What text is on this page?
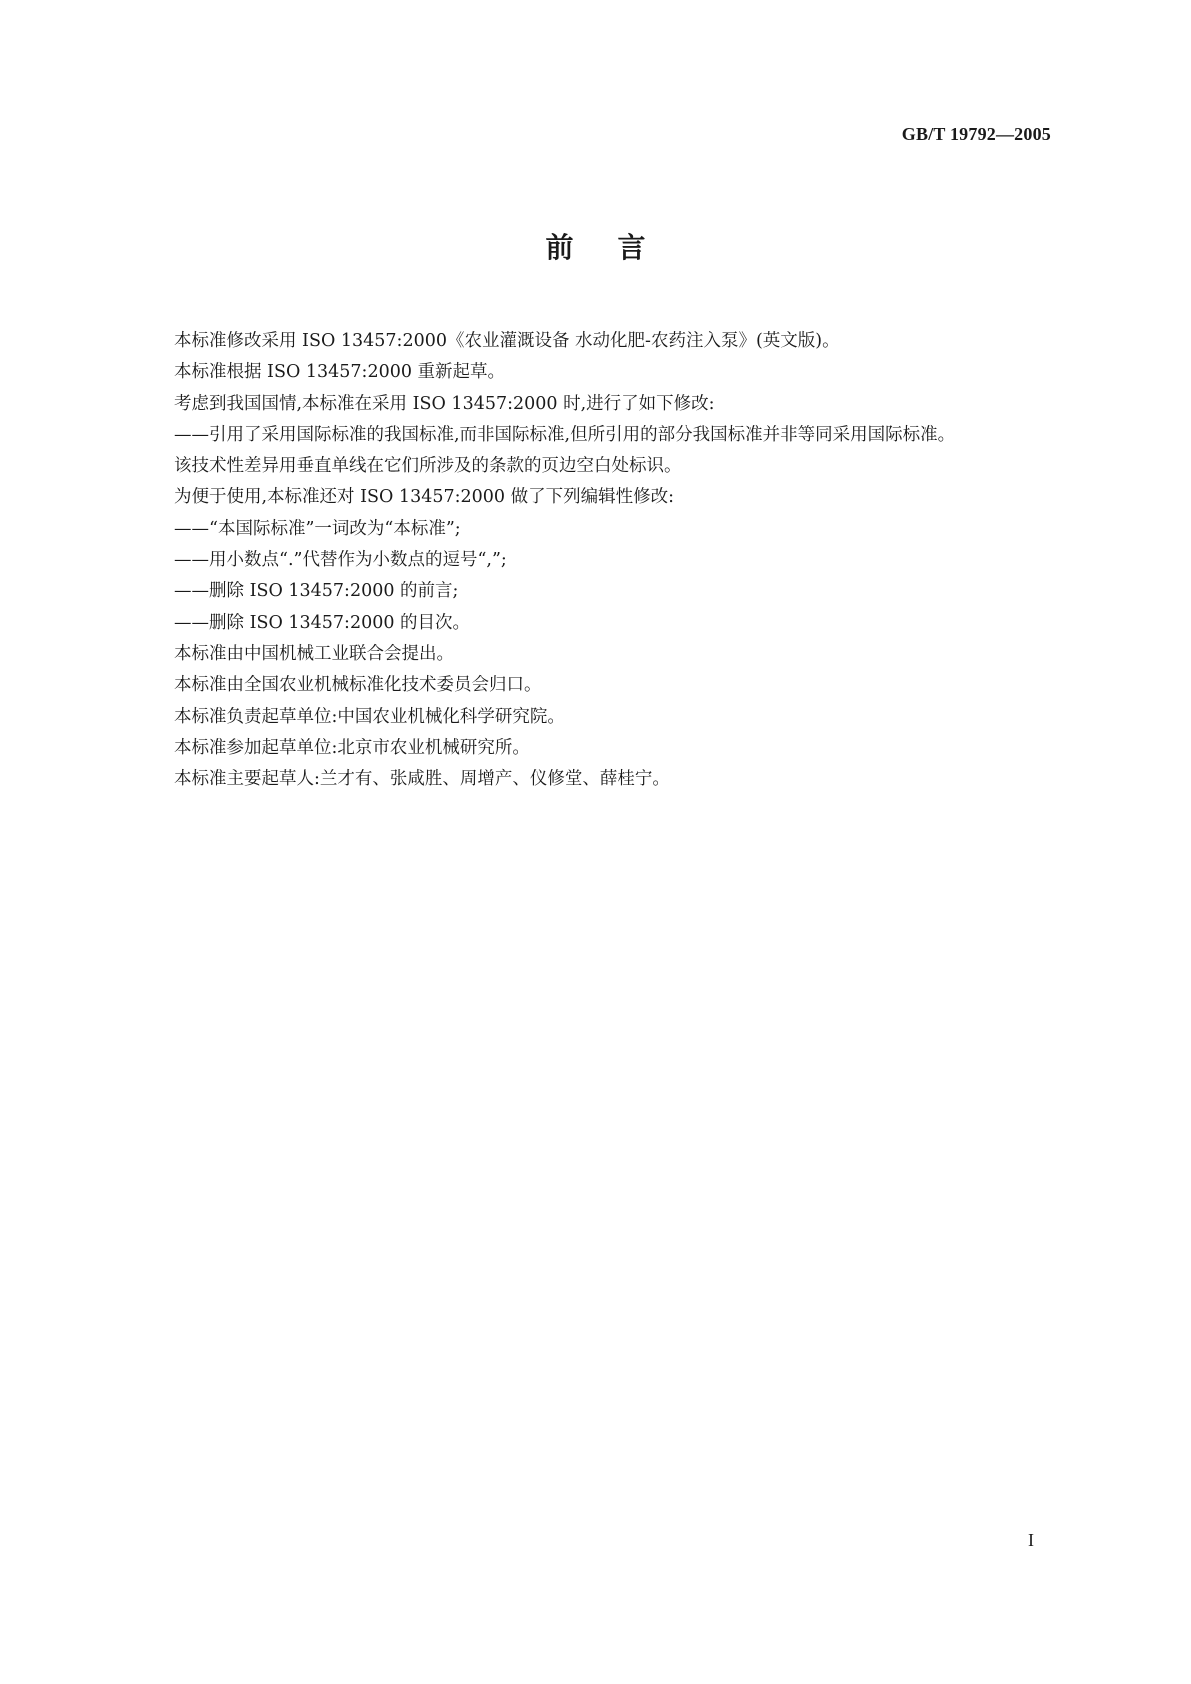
GB/T 19792—2005
前言

本标准修改采用 ISO 13457:2000《农业灌溉设备 水动化肥-农药注入泵》(英文版)。

本标准根据 ISO 13457:2000 重新起草。

考虑到我国国情,本标准在采用 ISO 13457:2000 时,进行了如下修改:

——引用了采用国际标准的我国标准,而非国际标准,但所引用的部分我国标准并非等同采用国际标准。

该技术性差异用垂直单线在它们所涉及的条款的页边空白处标识。

为便于使用,本标准还对 ISO 13457:2000 做了下列编辑性修改:

——“本国际标准”一词改为“本标准”;

——用小数点“.”代替作为小数点的逗号“,”;

——删除 ISO 13457:2000 的前言;

——删除 ISO 13457:2000 的目次。

本标准由中国机械工业联合会提出。

本标准由全国农业机械标准化技术委员会归口。

本标准负责起草单位:中国农业机械化科学研究院。

本标准参加起草单位:北京市农业机械研究所。

本标准主要起草人:兰才有、张咸胜、周增产、仪修堂、薛桂宁。

I
